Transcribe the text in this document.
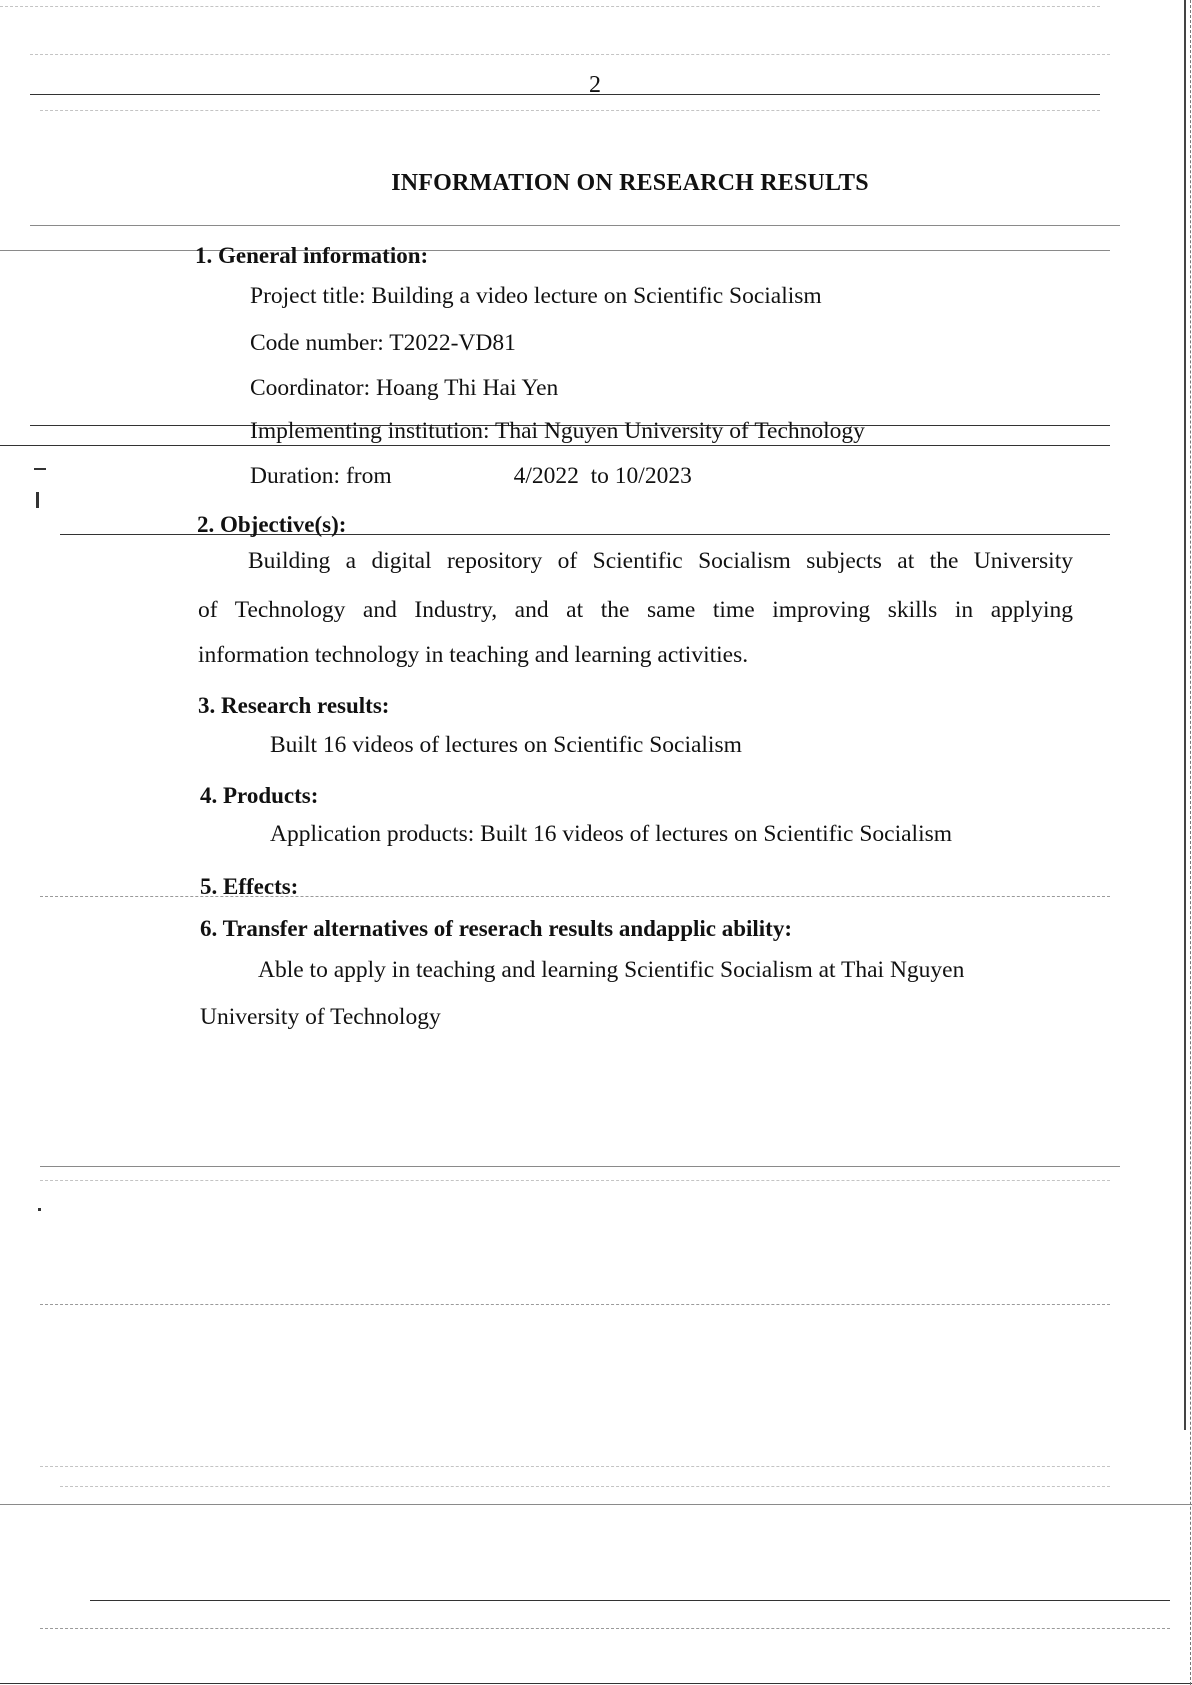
2
INFORMATION ON RESEARCH RESULTS
1. General information:
Project title: Building a video lecture on Scientific Socialism
Code number: T2022-VD81
Coordinator: Hoang Thi Hai Yen
Implementing institution: Thai Nguyen University of Technology
Duration: from	4/2022  to 10/2023
2. Objective(s):
Building a digital repository of Scientific Socialism subjects at the University
of Technology and Industry, and at the same time improving skills in applying
information technology in teaching and learning activities.
3. Research results:
Built 16 videos of lectures on Scientific Socialism
4. Products:
Application products: Built 16 videos of lectures on Scientific Socialism
5. Effects:
6. Transfer alternatives of reserach results andapplic ability:
Able to apply in teaching and learning Scientific Socialism at Thai Nguyen
University of Technology
